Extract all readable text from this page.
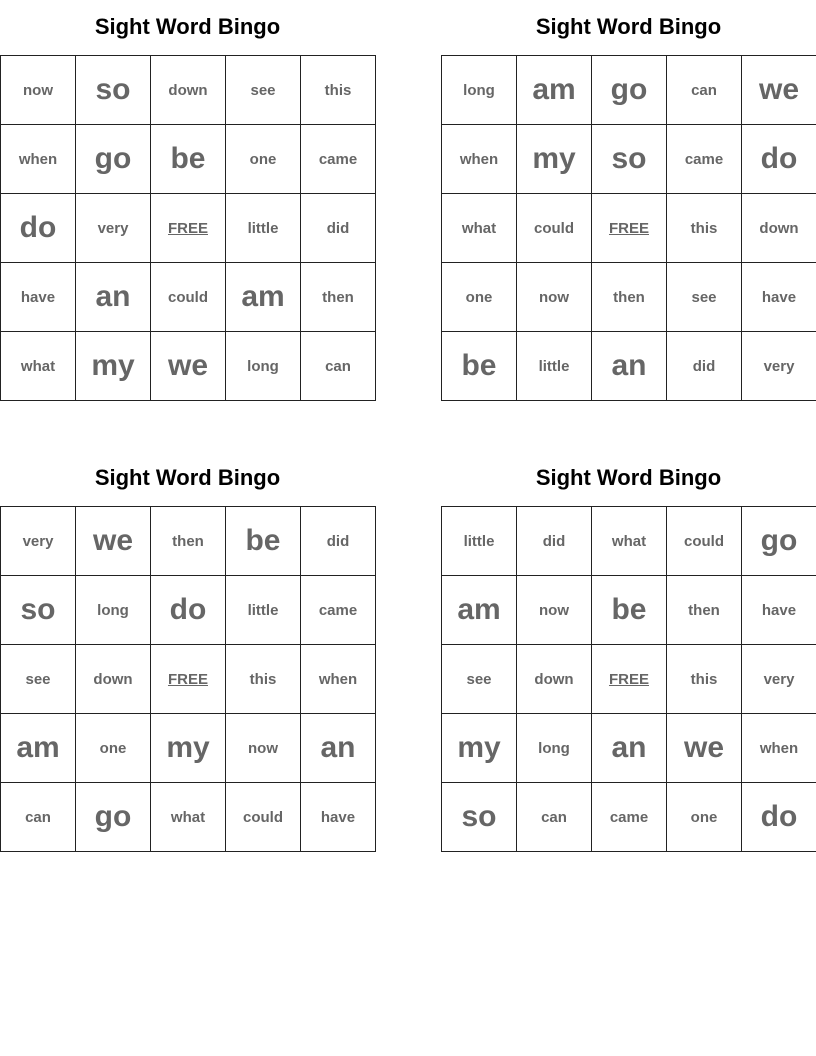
Sight Word Bingo
now	so	down	see	this
when	go	be	one	came
do	very	FREE	little	did
have	an	could	am	then
what	my	we	long	can
Sight Word Bingo
long	am	go	can	we
when	my	so	came	do
what	could	FREE	this	down
one	now	then	see	have
be	little	an	did	very
Sight Word Bingo
very	we	then	be	did
so	long	do	little	came
see	down	FREE	this	when
am	one	my	now	an
can	go	what	could	have
Sight Word Bingo
little	did	what	could	go
am	now	be	then	have
see	down	FREE	this	very
my	long	an	we	when
so	can	came	one	do
